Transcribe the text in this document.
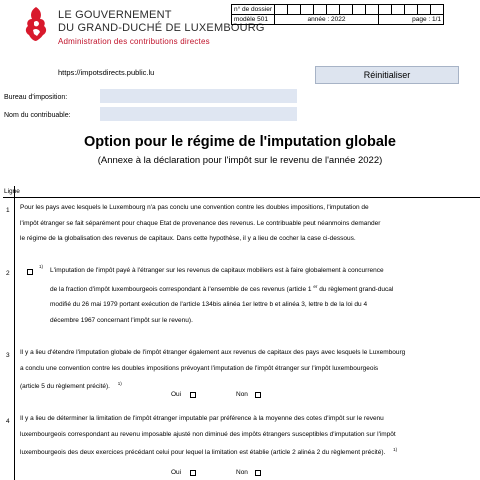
LE GOUVERNEMENT
DU GRAND-DUCHÉ DE LUXEMBOURG
Administration des contributions directes
n° de dossier													
modèle 501	année : 2022								page : 1/1				
https://impotsdirects.public.lu	Réinitialiser
Bureau d'imposition:
Nom du contribuable:
Option pour le régime de l'imputation globale
(Annexe à la déclaration pour l'impôt sur le revenu de l'année 2022)
Ligne
1 Pour les pays avec lesquels le Luxembourg n'a pas conclu une convention contre les doubles impositions, l'imputation de
l'impôt étranger se fait séparément pour chaque Etat de provenance des revenus. Le contribuable peut néanmoins demander
le régime de la globalisation des revenus de capitaux. Dans cette hypothèse, il y a lieu de cocher la case ci-dessous.
2
1)
L'imputation de l'impôt payé à l'étranger sur les revenus de capitaux mobiliers est à faire globalement à concurrence
de la fraction d'impôt luxembourgeois correspondant à l'ensemble de ces revenus (article 1 $^{er}$ du règlement grand-ducal
modifié du 26 mai 1979 portant exécution de l'article 134bis alinéa 1er lettre b et alinéa 3, lettre b de la loi du 4
décembre 1967 concernant l'impôt sur le revenu).
3 Il y a lieu d'étendre l'imputation globale de l'impôt étranger également aux revenus de capitaux des pays avec lesquels le Luxembourg
a conclu une convention contre les doubles impositions prévoyant l'imputation de l'impôt étranger sur l'impôt luxembourgeois
(article 5 du règlement précité). $^{1)}$
Oui	Non
4 Il y a lieu de déterminer la limitation de l'impôt étranger imputable par préférence à la moyenne des cotes d'impôt sur le revenu
luxembourgeois correspondant au revenu imposable ajusté non diminué des impôts étrangers susceptibles d'imputation sur l'impôt
luxembourgeois des deux exercices précédant celui pour lequel la limitation est établie (article 2 alinéa 2 du règlement précité). $^{1)}$
Oui	Non
